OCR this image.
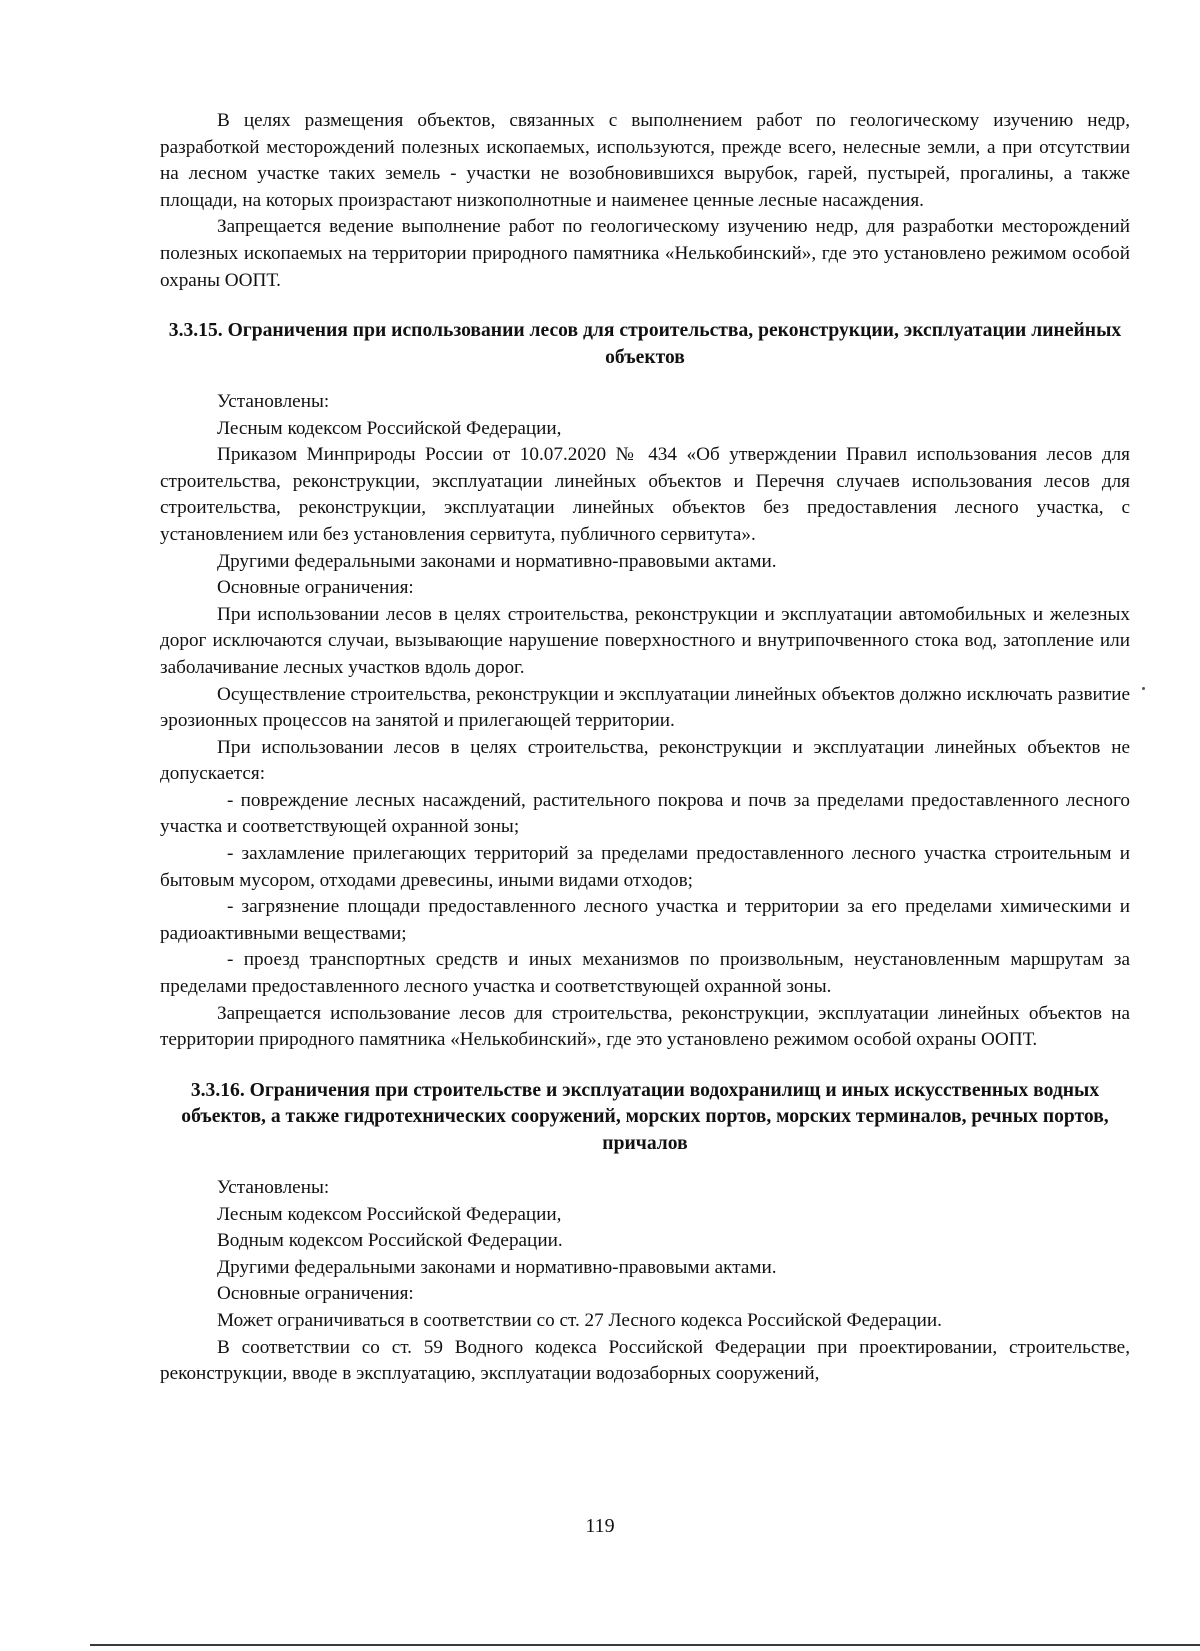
В целях размещения объектов, связанных с выполнением работ по геологическому изучению недр, разработкой месторождений полезных ископаемых, используются, прежде всего, нелесные земли, а при отсутствии на лесном участке таких земель - участки не возобновившихся вырубок, гарей, пустырей, прогалины, а также площади, на которых произрастают низкополнотные и наименее ценные лесные насаждения.

Запрещается ведение выполнение работ по геологическому изучению недр, для разработки месторождений полезных ископаемых на территории природного памятника «Нелькобинский», где это установлено режимом особой охраны ООПТ.

3.3.15. Ограничения при использовании лесов для строительства, реконструкции, эксплуатации линейных объектов

Установлены:

Лесным кодексом Российской Федерации,

Приказом Минприроды России от 10.07.2020 № 434 «Об утверждении Правил использования лесов для строительства, реконструкции, эксплуатации линейных объектов и Перечня случаев использования лесов для строительства, реконструкции, эксплуатации линейных объектов без предоставления лесного участка, с установлением или без установления сервитута, публичного сервитута».

Другими федеральными законами и нормативно-правовыми актами.

Основные ограничения:

При использовании лесов в целях строительства, реконструкции и эксплуатации автомобильных и железных дорог исключаются случаи, вызывающие нарушение поверхностного и внутрипочвенного стока вод, затопление или заболачивание лесных участков вдоль дорог.

Осуществление строительства, реконструкции и эксплуатации линейных объектов должно исключать развитие эрозионных процессов на занятой и прилегающей территории.

При использовании лесов в целях строительства, реконструкции и эксплуатации линейных объектов не допускается:

- повреждение лесных насаждений, растительного покрова и почв за пределами предоставленного лесного участка и соответствующей охранной зоны;

- захламление прилегающих территорий за пределами предоставленного лесного участка строительным и бытовым мусором, отходами древесины, иными видами отходов;

- загрязнение площади предоставленного лесного участка и территории за его пределами химическими и радиоактивными веществами;

- проезд транспортных средств и иных механизмов по произвольным, неустановленным маршрутам за пределами предоставленного лесного участка и соответствующей охранной зоны.

Запрещается использование лесов для строительства, реконструкции, эксплуатации линейных объектов на территории природного памятника «Нелькобинский», где это установлено режимом особой охраны ООПТ.

3.3.16. Ограничения при строительстве и эксплуатации водохранилищ и иных искусственных водных объектов, а также гидротехнических сооружений, морских портов, морских терминалов, речных портов, причалов

Установлены:

Лесным кодексом Российской Федерации,

Водным кодексом Российской Федерации.

Другими федеральными законами и нормативно-правовыми актами.

Основные ограничения:

Может ограничиваться в соответствии со ст. 27 Лесного кодекса Российской Федерации.

В соответствии со ст. 59 Водного кодекса Российской Федерации при проектировании, строительстве, реконструкции, вводе в эксплуатацию, эксплуатации водозаборных сооружений,

119
